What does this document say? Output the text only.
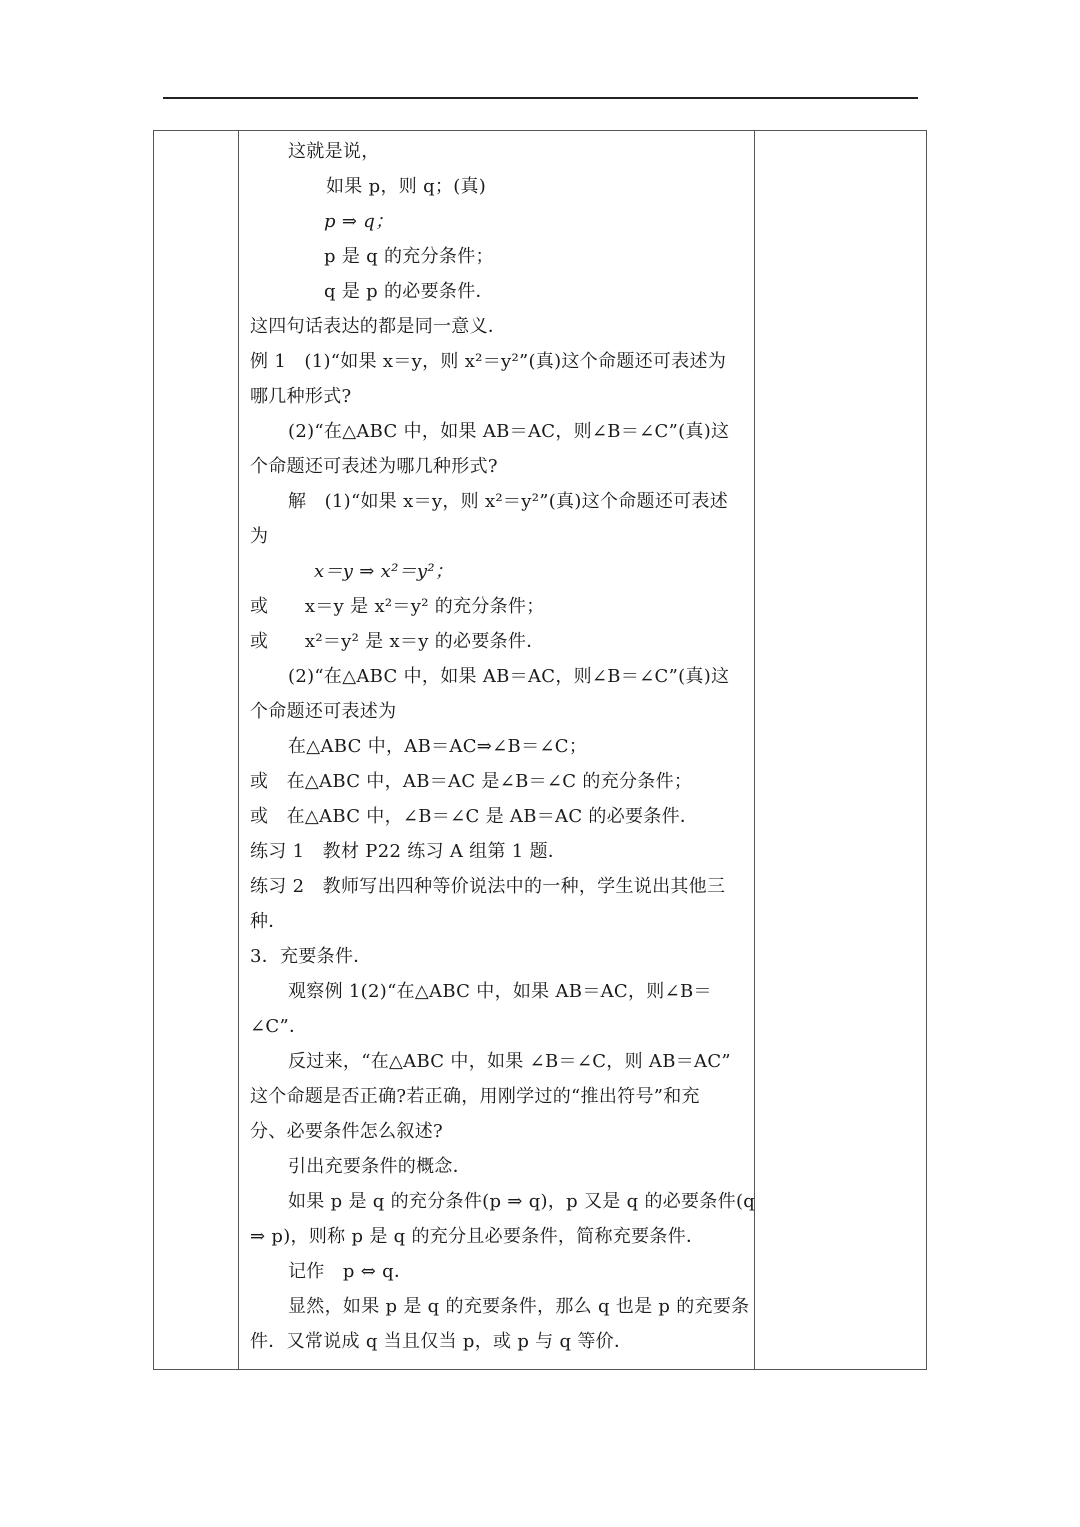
这就是说，
如果 p，则 q；(真)
p ⇒ q；
p 是 q 的充分条件；
q 是 p 的必要条件．
这四句话表达的都是同一意义．
例 1　(1)“如果 x＝y，则 x²＝y²”(真)这个命题还可表述为
哪几种形式?
(2)“在△ABC 中，如果 AB＝AC，则∠B＝∠C”(真)这
个命题还可表述为哪几种形式?
解　(1)“如果 x＝y，则 x²＝y²”(真)这个命题还可表述
为
x＝y ⇒ x²＝y²；
或　　x＝y 是 x²＝y² 的充分条件；
或　　x²＝y² 是 x＝y 的必要条件．
(2)“在△ABC 中，如果 AB＝AC，则∠B＝∠C”(真)这
个命题还可表述为
在△ABC 中，AB＝AC⇒∠B＝∠C；
或　在△ABC 中，AB＝AC 是∠B＝∠C 的充分条件；
或　在△ABC 中，∠B＝∠C 是 AB＝AC 的必要条件．
练习 1　教材 P22 练习 A 组第 1 题．
练习 2　教师写出四种等价说法中的一种，学生说出其他三
种．
3．充要条件．
观察例 1(2)“在△ABC 中，如果 AB＝AC，则∠B＝
∠C”．
反过来，“在△ABC 中，如果 ∠B＝∠C，则 AB＝AC”
这个命题是否正确?若正确，用刚学过的“推出符号”和充
分、必要条件怎么叙述?
引出充要条件的概念．
如果 p 是 q 的充分条件(p ⇒ q)，p 又是 q 的必要条件(q
⇒ p)，则称 p 是 q 的充分且必要条件，简称充要条件．
记作　p ⇔ q．
显然，如果 p 是 q 的充要条件，那么 q 也是 p 的充要条
件．又常说成 q 当且仅当 p，或 p 与 q 等价．
